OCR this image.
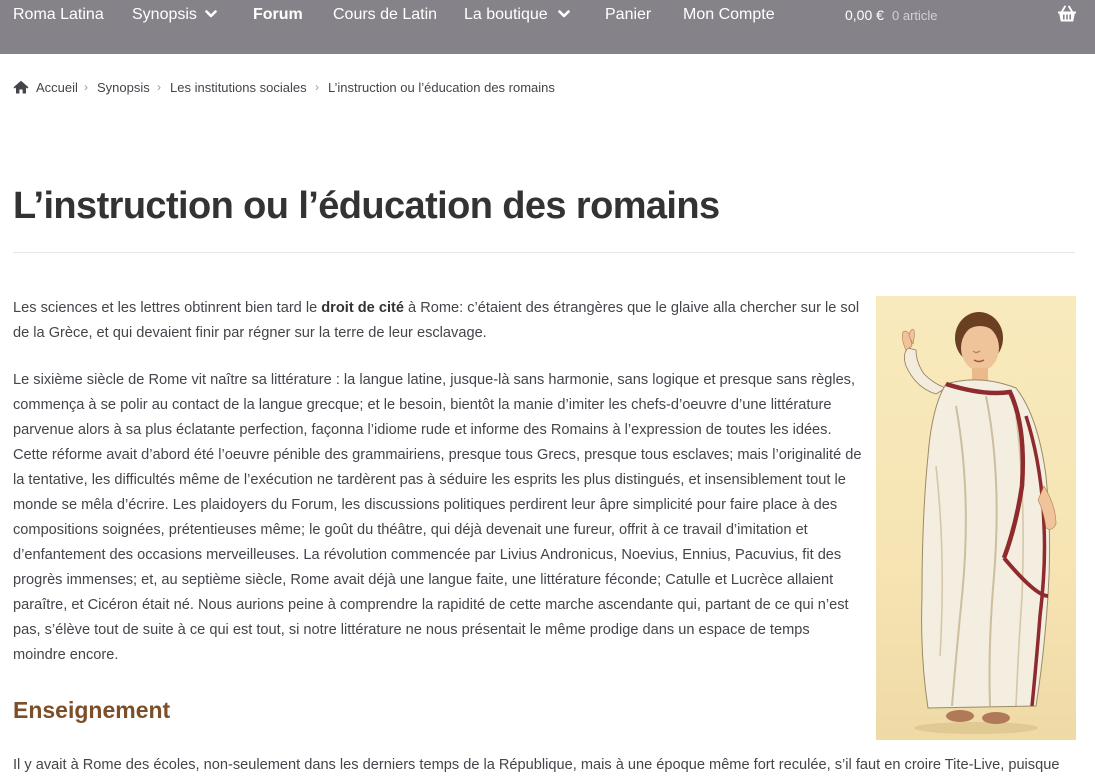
Roma Latina Synopsis	Forum Cours de Latin La boutique	Panier Mon Compte	0,00 € 0 article
Accueil › Synopsis › Les institutions sociales › L’instruction ou l’éducation des romains
L’instruction ou l’éducation des romains

Les sciences et les lettres obtinrent bien tard le droit de cité à Rome: c’étaient des étrangères que le glaive alla chercher sur le sol de la Grèce, et qui devaient finir par régner sur la terre de leur esclavage.

Le sixième siècle de Rome vit naître sa littérature : la langue latine, jusque-là sans harmonie, sans logique et presque sans règles, commença à se polir au contact de la langue grecque; et le besoin, bientôt la manie d’imiter les chefs-d’oeuvre d’une littérature parvenue alors à sa plus éclatante perfection, façonna l’idiome rude et informe des Romains à l’expression de toutes les idées. Cette réforme avait d’abord été l’oeuvre pénible des grammairiens, presque tous Grecs, presque tous esclaves; mais l’originalité de la tentative, les difficultés même de l’exécution ne tardèrent pas à séduire les esprits les plus distingués, et insensiblement tout le monde se mêla d’écrire. Les plaidoyers du Forum, les discussions politiques perdirent leur âpre simplicité pour faire place à des compositions soignées, prétentieuses même; le goût du théâtre, qui déjà devenait une fureur, offrit à ce travail d’imitation et d’enfantement des occasions merveilleuses. La révolution commencée par Livius Andronicus, Noevius, Ennius, Pacuvius, fit des progrès immenses; et, au septième siècle, Rome avait déjà une langue faite, une littérature féconde; Catulle et Lucrèce allaient paraître, et Cicéron était né. Nous aurions peine à comprendre la rapidité de cette marche ascendante qui, partant de ce qui n’est pas, s’élève tout de suite à ce qui est tout, si notre littérature ne nous présentait le même prodige dans un espace de temps moindre encore.

Enseignement

Il y avait à Rome des écoles, non-seulement dans les derniers temps de la République, mais à une époque même fort reculée, s’il faut en croire Tite-Live, puisque
